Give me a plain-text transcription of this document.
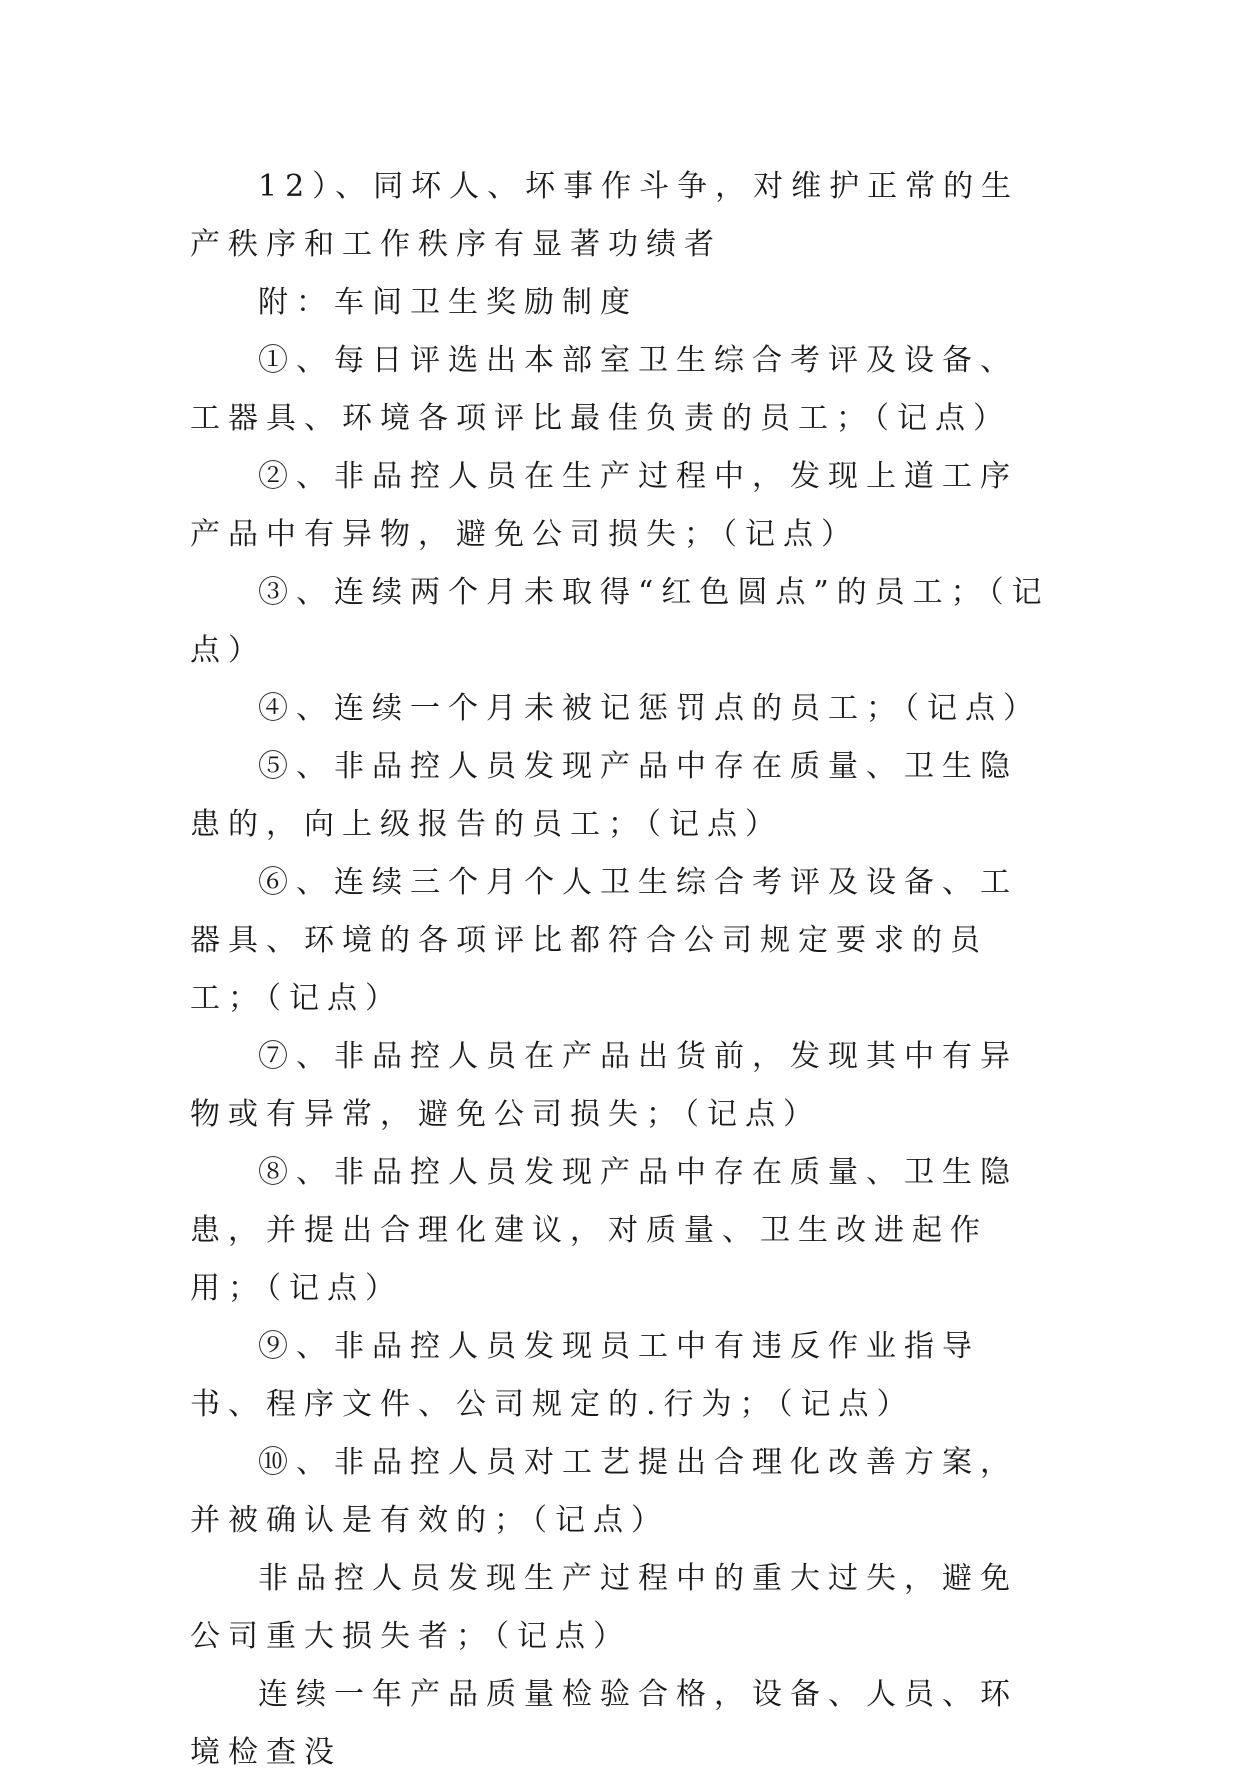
12）、同坏人、坏事作斗争，对维护正常的生产秩序和工作秩序有显著功绩者

附：车间卫生奖励制度

①、每日评选出本部室卫生综合考评及设备、工器具、环境各项评比最佳负责的员工；（记点）

②、非品控人员在生产过程中，发现上道工序产品中有异物，避免公司损失；（记点）

③、连续两个月未取得“红色圆点”的员工；（记点）

④、连续一个月未被记惩罚点的员工；（记点）

⑤、非品控人员发现产品中存在质量、卫生隐患的，向上级报告的员工；（记点）

⑥、连续三个月个人卫生综合考评及设备、工器具、环境的各项评比都符合公司规定要求的员工；（记点）

⑦、非品控人员在产品出货前，发现其中有异物或有异常，避免公司损失；（记点）

⑧、非品控人员发现产品中存在质量、卫生隐患，并提出合理化建议，对质量、卫生改进起作用；（记点）

⑨、非品控人员发现员工中有违反作业指导书、程序文件、公司规定的.行为；（记点）

⑩、非品控人员对工艺提出合理化改善方案，并被确认是有效的；（记点）

非品控人员发现生产过程中的重大过失，避免公司重大损失者；（记点）

连续一年产品质量检验合格，设备、人员、环境检查没
